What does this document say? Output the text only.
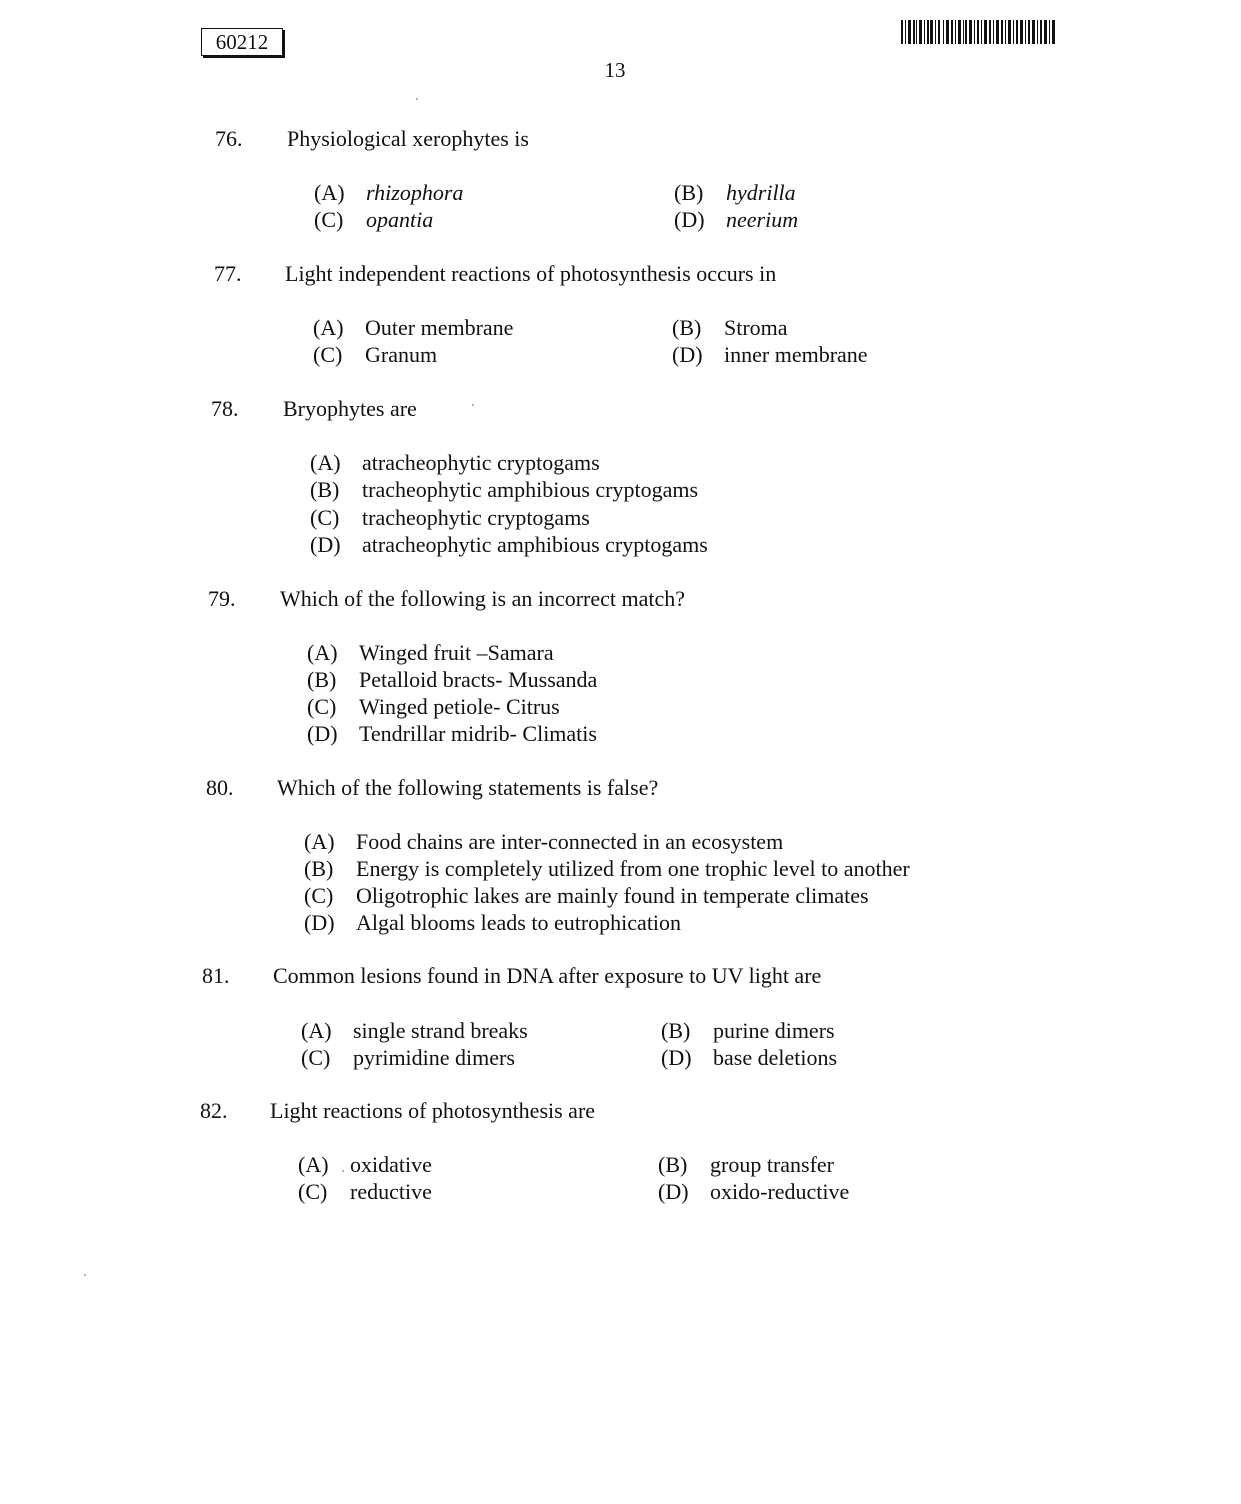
60212
13
76. Physiological xerophytes is
(A) rhizophora	(B) hydrilla
(C) opantia	(D) neerium
77. Light independent reactions of photosynthesis occurs in
(A) Outer membrane	(B) Stroma
(C) Granum	(D) inner membrane
78. Bryophytes are
(A) atracheophytic cryptogams
(B) tracheophytic amphibious cryptogams
(C) tracheophytic cryptogams
(D) atracheophytic amphibious cryptogams
79. Which of the following is an incorrect match?
(A) Winged fruit –Samara
(B) Petalloid bracts- Mussanda
(C) Winged petiole- Citrus
(D) Tendrillar midrib- Climatis
80. Which of the following statements is false?
(A) Food chains are inter-connected in an ecosystem
(B) Energy is completely utilized from one trophic level to another
(C) Oligotrophic lakes are mainly found in temperate climates
(D) Algal blooms leads to eutrophication
81. Common lesions found in DNA after exposure to UV light are
(A) single strand breaks	(B) purine dimers
(C) pyrimidine dimers	(D) base deletions
82. Light reactions of photosynthesis are
(A) oxidative	(B) group transfer
(C) reductive	(D) oxido-reductive
